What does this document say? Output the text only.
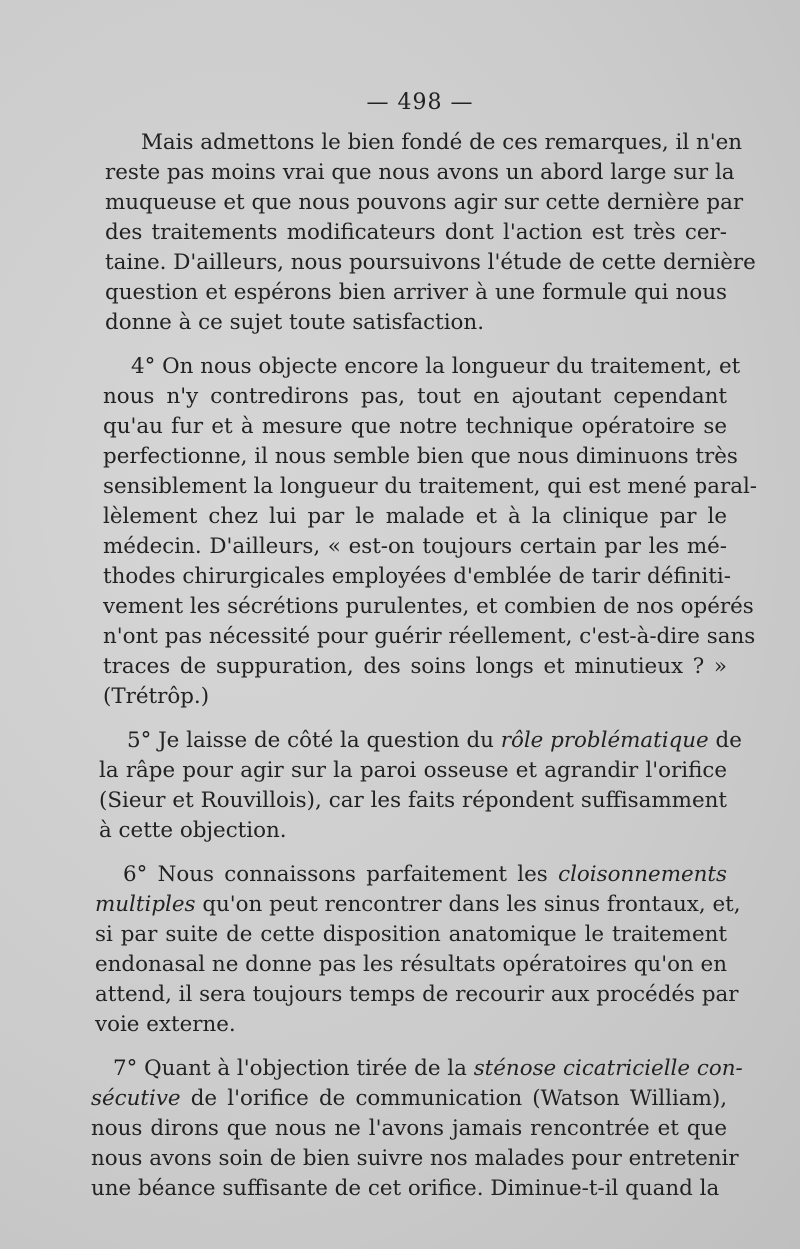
— 498 —
Mais admettons le bien fondé de ces remarques, il n'en
reste pas moins vrai que nous avons un abord large sur la
muqueuse et que nous pouvons agir sur cette dernière par
des traitements modificateurs dont l'action est très cer-
taine. D'ailleurs, nous poursuivons l'étude de cette dernière
question et espérons bien arriver à une formule qui nous
donne à ce sujet toute satisfaction.
4° On nous objecte encore la longueur du traitement, et
nous n'y contredirons pas, tout en ajoutant cependant
qu'au fur et à mesure que notre technique opératoire se
perfectionne, il nous semble bien que nous diminuons très
sensiblement la longueur du traitement, qui est mené paral-
lèlement chez lui par le malade et à la clinique par le
médecin. D'ailleurs, « est-on toujours certain par les mé-
thodes chirurgicales employées d'emblée de tarir définiti-
vement les sécrétions purulentes, et combien de nos opérés
n'ont pas nécessité pour guérir réellement, c'est-à-dire sans
traces de suppuration, des soins longs et minutieux ? »
(Trétrôp.)
5° Je laisse de côté la question du rôle problématique de
la râpe pour agir sur la paroi osseuse et agrandir l'orifice
(Sieur et Rouvillois), car les faits répondent suffisamment
à cette objection.
6° Nous connaissons parfaitement les cloisonnements
multiples qu'on peut rencontrer dans les sinus frontaux, et,
si par suite de cette disposition anatomique le traitement
endonasal ne donne pas les résultats opératoires qu'on en
attend, il sera toujours temps de recourir aux procédés par
voie externe.
7° Quant à l'objection tirée de la sténose cicatricielle con-
sécutive de l'orifice de communication (Watson William),
nous dirons que nous ne l'avons jamais rencontrée et que
nous avons soin de bien suivre nos malades pour entretenir
une béance suffisante de cet orifice. Diminue-t-il quand la
